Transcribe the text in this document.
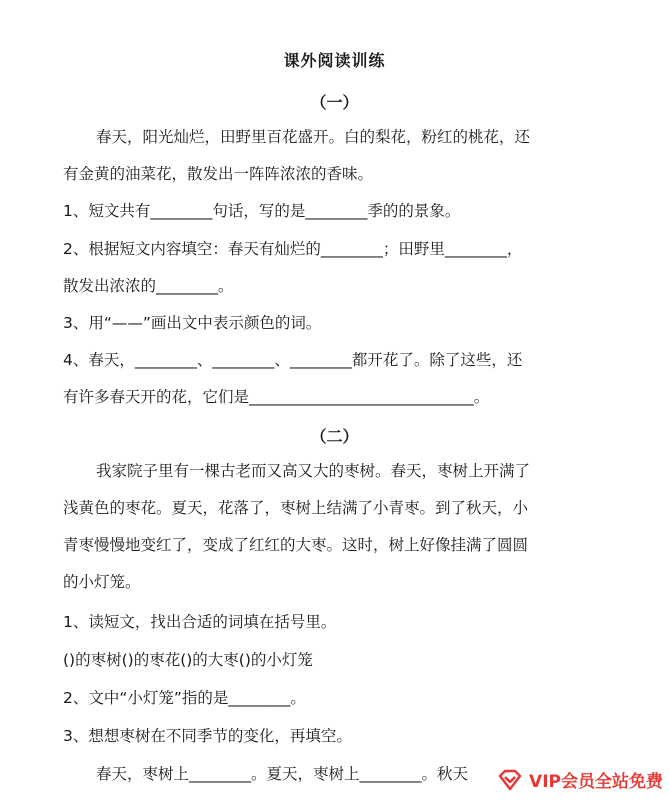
课外阅读训练
（一）
春天，阳光灿烂，田野里百花盛开。白的梨花，粉红的桃花，还
有金黄的油菜花，散发出一阵阵浓浓的香味。
1、短文共有________句话，写的是________季的的景象。
2、根据短文内容填空：春天有灿烂的________；田野里________，
散发出浓浓的________。
3、用“——”画出文中表示颜色的词。
4、春天，________、________、________都开花了。除了这些，还
有许多春天开的花，它们是_____________________________。
（二）
我家院子里有一棵古老而又高又大的枣树。春天，枣树上开满了
浅黄色的枣花。夏天，花落了，枣树上结满了小青枣。到了秋天，小
青枣慢慢地变红了，变成了红红的大枣。这时，树上好像挂满了圆圆
的小灯笼。
1、读短文，找出合适的词填在括号里。
()的枣树()的枣花()的大枣()的小灯笼
2、文中“小灯笼”指的是________。
3、想想枣树在不同季节的变化，再填空。
春天，枣树上________。夏天，枣树上________。秋天	VIP会员全站免费
